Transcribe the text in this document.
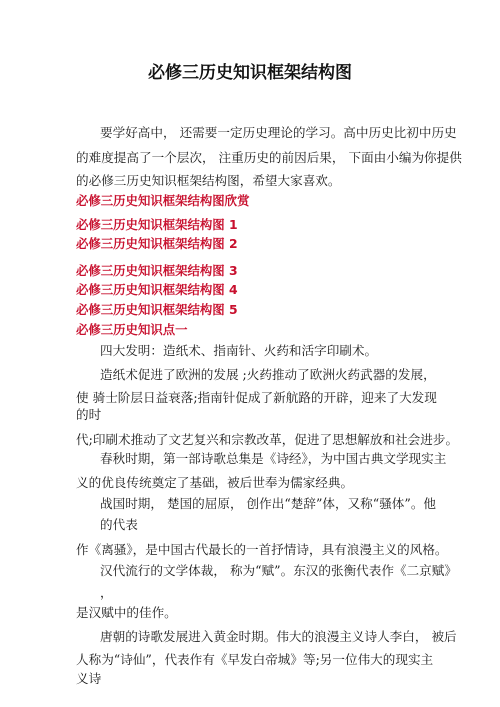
必修三历史知识框架结构图
要学好高中， 还需要一定历史理论的学习。高中历史比初中历史
的难度提高了一个层次， 注重历史的前因后果， 下面由小编为你提供
的必修三历史知识框架结构图，希望大家喜欢。
必修三历史知识框架结构图欣赏
必修三历史知识框架结构图 1
必修三历史知识框架结构图 2
必修三历史知识框架结构图 3
必修三历史知识框架结构图 4
必修三历史知识框架结构图 5
必修三历史知识点一
四大发明：造纸术、指南针、火药和活字印刷术。
造纸术促进了欧洲的发展 ;火药推动了欧洲火药武器的发展，
使 骑士阶层日益衰落;指南针促成了新航路的开辟，迎来了大发现
的时
代;印刷术推动了文艺复兴和宗教改革，促进了思想解放和社会进步。
春秋时期，第一部诗歌总集是《诗经》，为中国古典文学现实主
义的优良传统奠定了基础，被后世奉为儒家经典。
战国时期， 楚国的屈原， 创作出“楚辞”体，又称“骚体”。他
的代表
作《离骚》，是中国古代最长的一首抒情诗，具有浪漫主义的风格。
汉代流行的文学体裁， 称为“赋”。东汉的张衡代表作《二京赋》
，
是汉赋中的佳作。
唐朝的诗歌发展进入黄金时期。伟大的浪漫主义诗人李白， 被后
人称为“诗仙”，代表作有《早发白帝城》等;另一位伟大的现实主
义诗
